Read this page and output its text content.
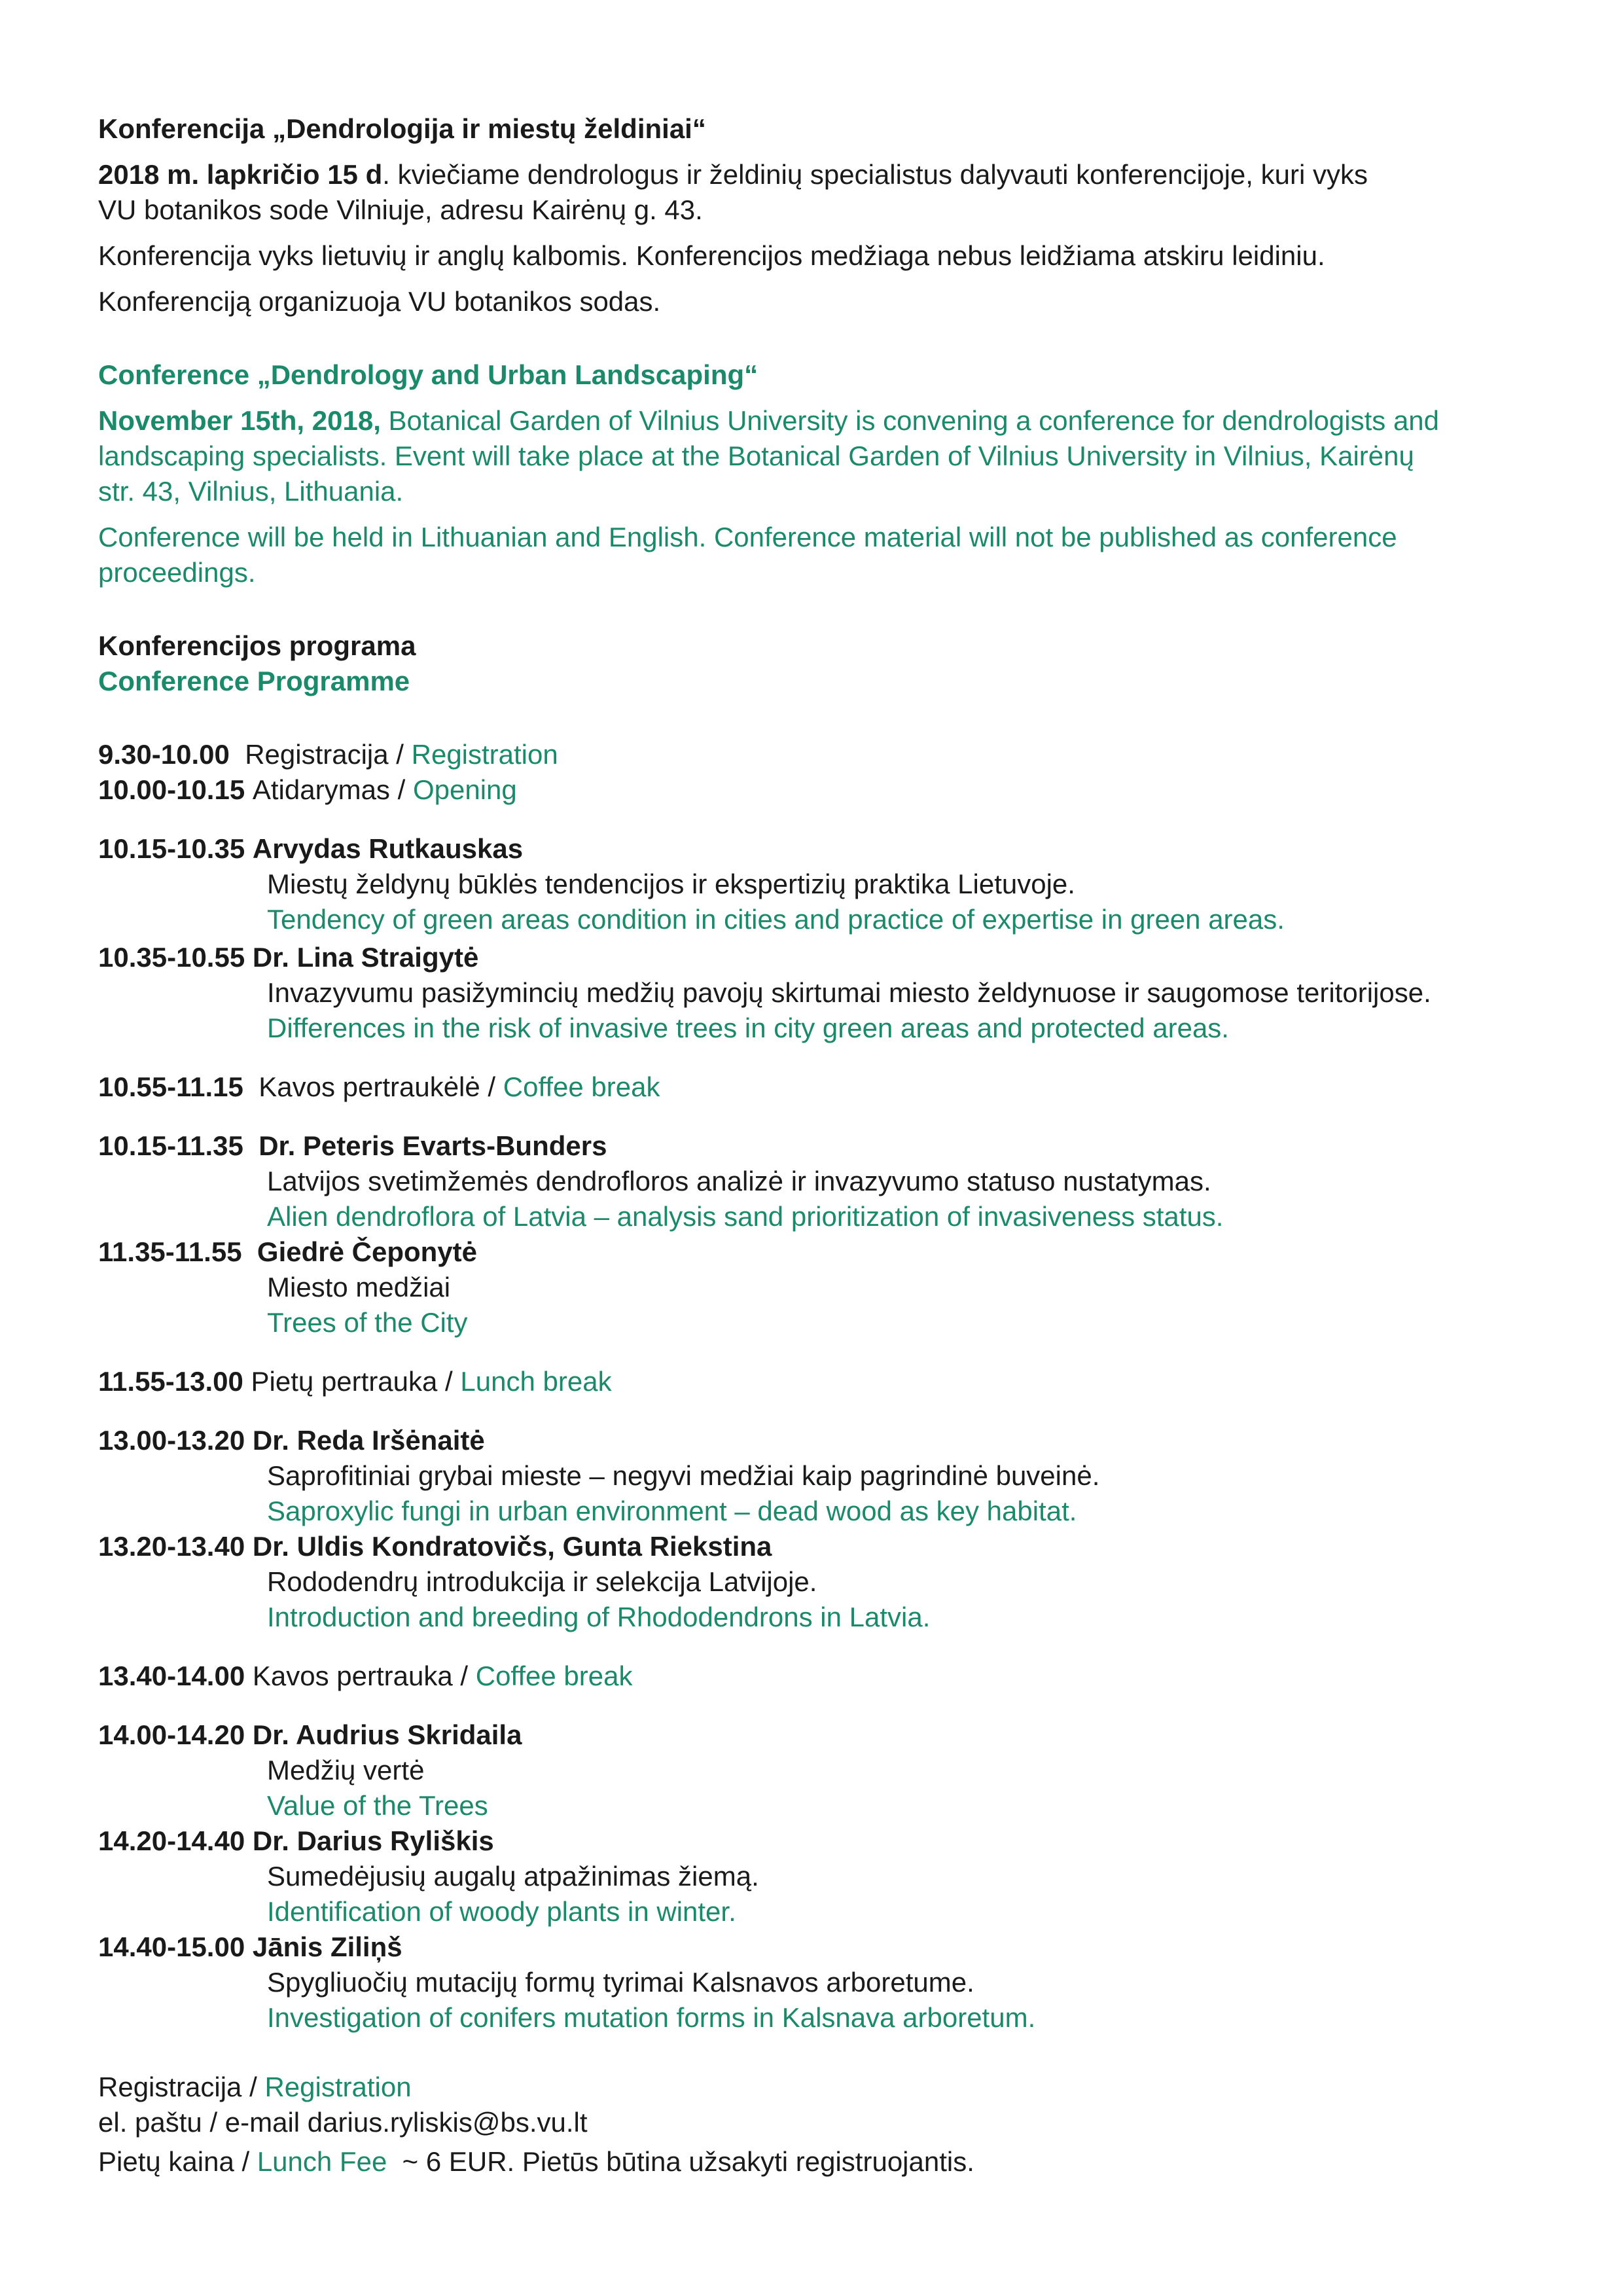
Konferencija „Dendrologija ir miestų želdiniai“

2018 m. lapkričio 15 d. kviečiame dendrologus ir želdinių specialistus dalyvauti konferencijoje, kuri vyks
VU botanikos sode Vilniuje, adresu Kairėnų g. 43.

Konferencija vyks lietuvių ir anglų kalbomis. Konferencijos medžiaga nebus leidžiama atskiru leidiniu.

Konferenciją organizuoja VU botanikos sodas.

Conference „Dendrology and Urban Landscaping“

November 15th, 2018, Botanical Garden of Vilnius University is convening a conference for dendrologists and
landscaping specialists. Event will take place at the Botanical Garden of Vilnius University in Vilnius, Kairėnų
str. 43, Vilnius, Lithuania.

Conference will be held in Lithuanian and English. Conference material will not be published as conference
proceedings.

Konferencijos programa

Conference Programme

9.30-10.00 Registracija / Registration

10.00-10.15 Atidarymas / Opening

10.15-10.35 Arvydas Rutkauskas

Miestų želdynų būklės tendencijos ir ekspertizių praktika Lietuvoje.

Tendency of green areas condition in cities and practice of expertise in green areas.

10.35-10.55 Dr. Lina Straigytė

Invazyvumu pasižymincių medžių pavojų skirtumai miesto želdynuose ir saugomose teritorijose.

Differences in the risk of invasive trees in city green areas and protected areas.

10.55-11.15 Kavos pertraukėlė / Coffee break

10.15-11.35 Dr. Peteris Evarts-Bunders

Latvijos svetimžemės dendrofloros analizė ir invazyvumo statuso nustatymas.

Alien dendroflora of Latvia – analysis sand prioritization of invasiveness status.

11.35-11.55 Giedrė Čeponytė

Miesto medžiai

Trees of the City

11.55-13.00 Pietų pertrauka / Lunch break

13.00-13.20 Dr. Reda Iršėnaitė

Saprofitiniai grybai mieste – negyvi medžiai kaip pagrindinė buveinė.

Saproxylic fungi in urban environment – dead wood as key habitat.

13.20-13.40 Dr. Uldis Kondratovičs, Gunta Riekstina

Rododendrų introdukcija ir selekcija Latvijoje.

Introduction and breeding of Rhododendrons in Latvia.

13.40-14.00 Kavos pertrauka / Coffee break

14.00-14.20 Dr. Audrius Skridaila

Medžių vertė

Value of the Trees

14.20-14.40 Dr. Darius Ryliškis

Sumedėjusių augalų atpažinimas žiemą.

Identification of woody plants in winter.

14.40-15.00 Jānis Ziliņš

Spygliuočių mutacijų formų tyrimai Kalsnavos arboretume.

Investigation of conifers mutation forms in Kalsnava arboretum.

Registracija / Registration

el. paštu / e-mail darius.ryliskis@bs.vu.lt

Pietų kaina / Lunch Fee  ~ 6 EUR. Pietūs būtina užsakyti registruojantis.
